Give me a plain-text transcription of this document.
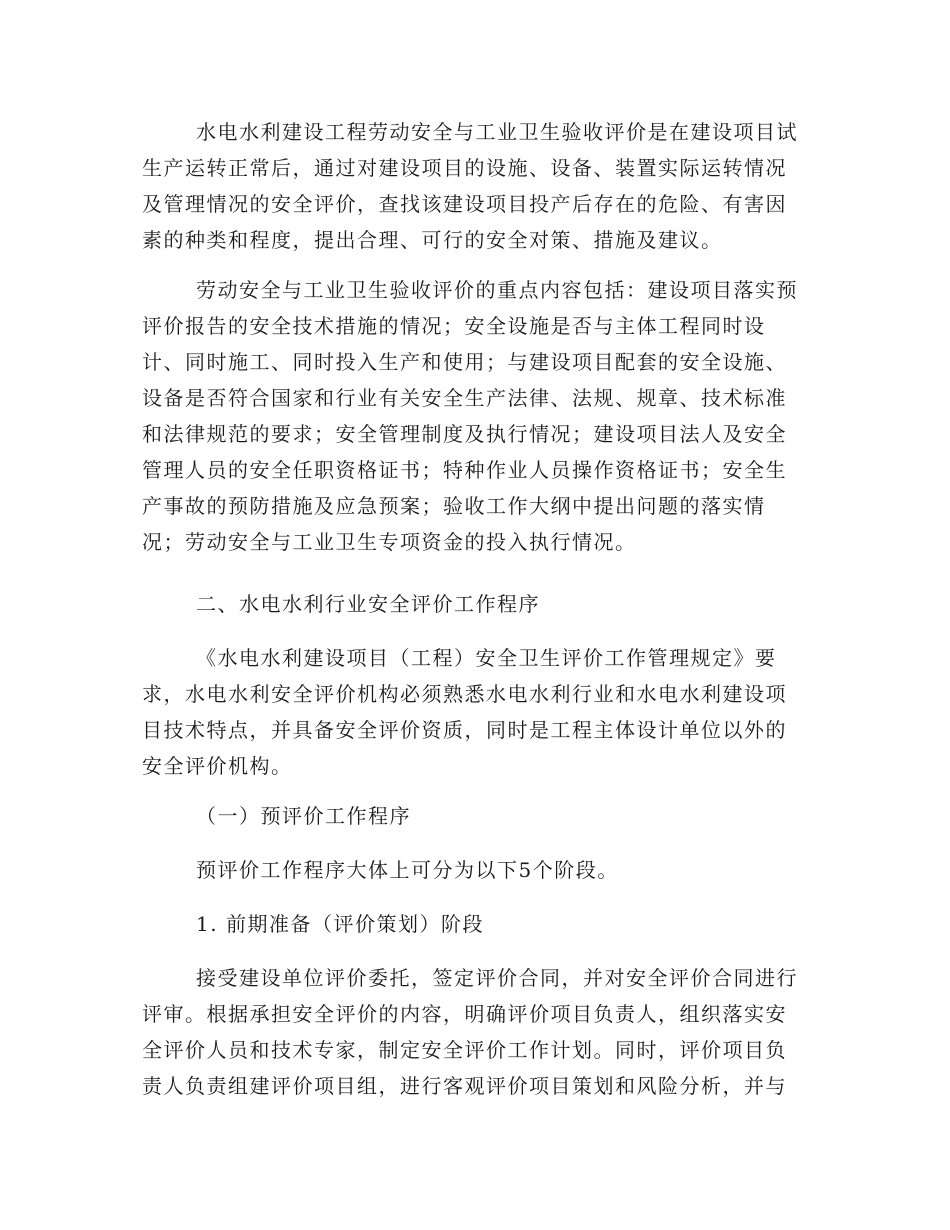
水电水利建设工程劳动安全与工业卫生验收评价是在建设项目试
生产运转正常后，通过对建设项目的设施、设备、装置实际运转情况
及管理情况的安全评价，查找该建设项目投产后存在的危险、有害因
素的种类和程度，提出合理、可行的安全对策、措施及建议。
劳动安全与工业卫生验收评价的重点内容包括：建设项目落实预
评价报告的安全技术措施的情况；安全设施是否与主体工程同时设
计、同时施工、同时投入生产和使用；与建设项目配套的安全设施、
设备是否符合国家和行业有关安全生产法律、法规、规章、技术标准
和法律规范的要求；安全管理制度及执行情况；建设项目法人及安全
管理人员的安全任职资格证书；特种作业人员操作资格证书；安全生
产事故的预防措施及应急预案；验收工作大纲中提出问题的落实情
况；劳动安全与工业卫生专项资金的投入执行情况。
二、水电水利行业安全评价工作程序
《水电水利建设项目（工程）安全卫生评价工作管理规定》要
求，水电水利安全评价机构必须熟悉水电水利行业和水电水利建设项
目技术特点，并具备安全评价资质，同时是工程主体设计单位以外的
安全评价机构。
（一）预评价工作程序
预评价工作程序大体上可分为以下5个阶段。
1. 前期准备（评价策划）阶段
接受建设单位评价委托，签定评价合同，并对安全评价合同进行
评审。根据承担安全评价的内容，明确评价项目负责人，组织落实安
全评价人员和技术专家，制定安全评价工作计划。同时，评价项目负
责人负责组建评价项目组，进行客观评价项目策划和风险分析，并与
